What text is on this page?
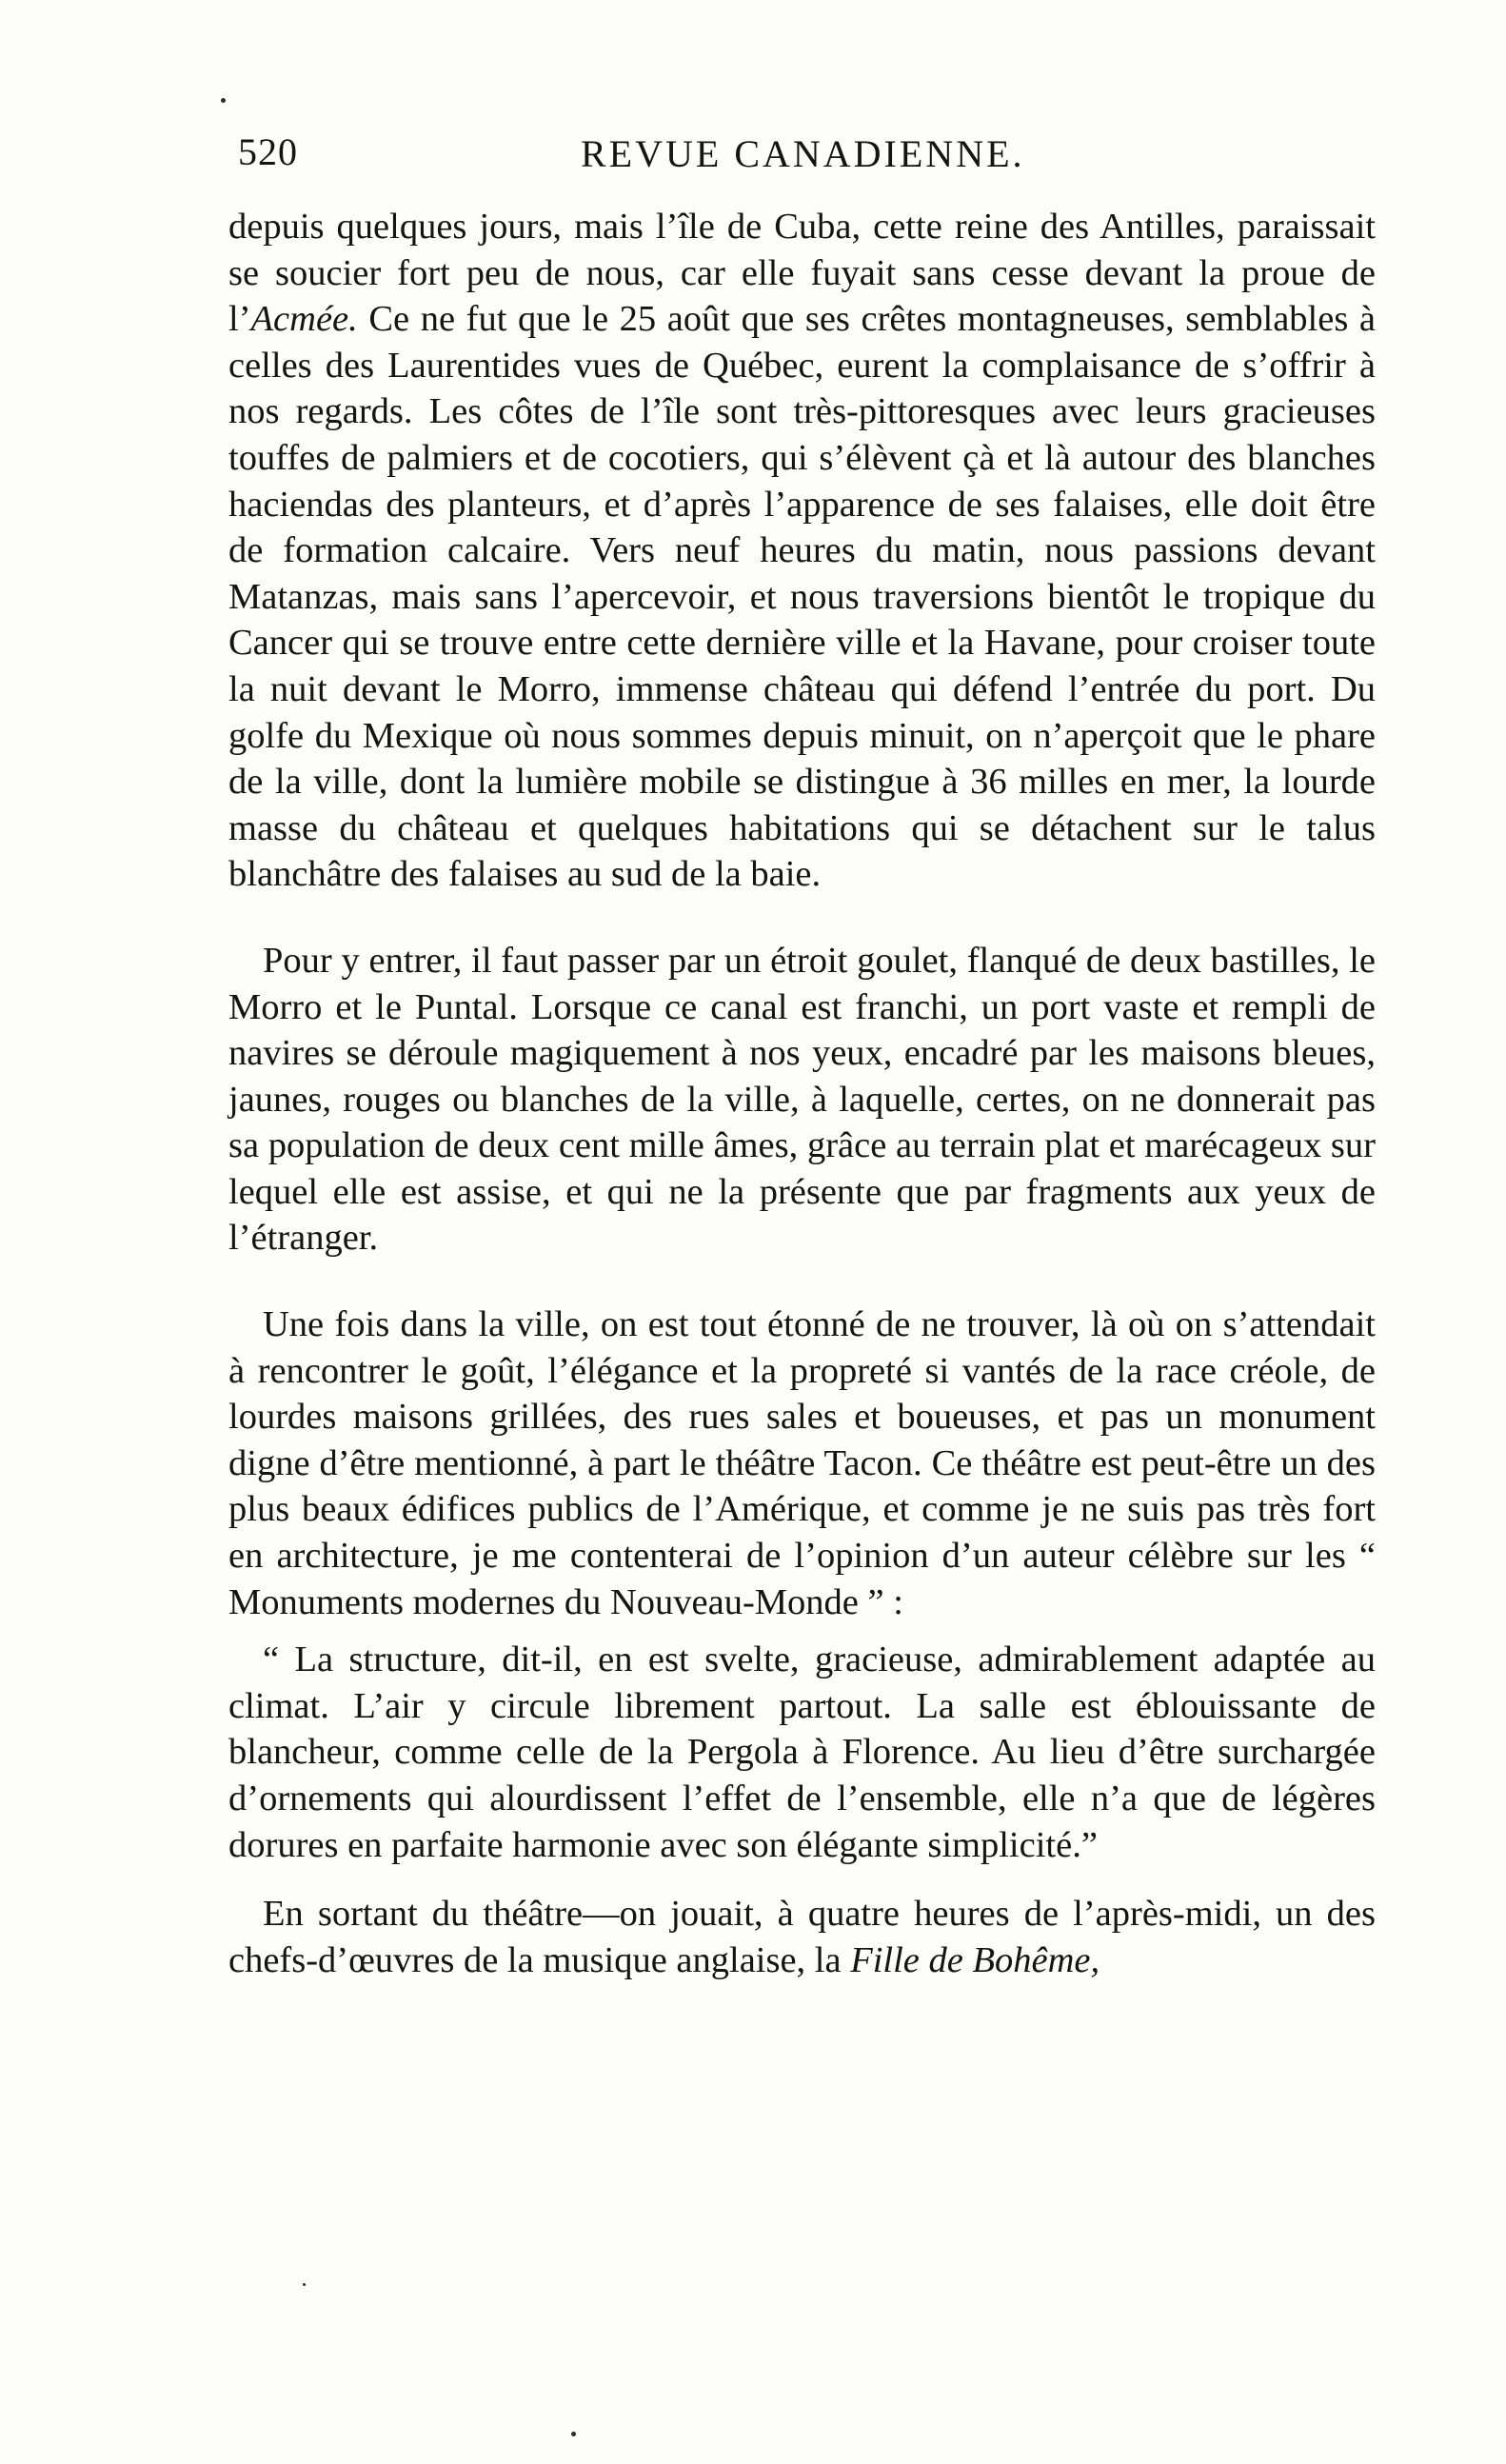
520	REVUE CANADIENNE.

depuis quelques jours, mais l’île de Cuba, cette reine des Antilles, paraissait se soucier fort peu de nous, car elle fuyait sans cesse devant la proue de l’Acmée. Ce ne fut que le 25 août que ses crêtes montagneuses, semblables à celles des Laurentides vues de Québec, eurent la complaisance de s’offrir à nos regards. Les côtes de l’île sont très-pittoresques avec leurs gracieuses touffes de palmiers et de cocotiers, qui s’élèvent çà et là autour des blanches haciendas des planteurs, et d’après l’apparence de ses falaises, elle doit être de formation calcaire. Vers neuf heures du matin, nous passions devant Matanzas, mais sans l’apercevoir, et nous traversions bientôt le tropique du Cancer qui se trouve entre cette dernière ville et la Havane, pour croiser toute la nuit devant le Morro, immense château qui défend l’entrée du port. Du golfe du Mexique où nous sommes depuis minuit, on n’aperçoit que le phare de la ville, dont la lumière mobile se distingue à 36 milles en mer, la lourde masse du château et quelques habitations qui se détachent sur le talus blanchâtre des falaises au sud de la baie.

Pour y entrer, il faut passer par un étroit goulet, flanqué de deux bastilles, le Morro et le Puntal. Lorsque ce canal est franchi, un port vaste et rempli de navires se déroule magiquement à nos yeux, encadré par les maisons bleues, jaunes, rouges ou blanches de la ville, à laquelle, certes, on ne donnerait pas sa population de deux cent mille âmes, grâce au terrain plat et marécageux sur lequel elle est assise, et qui ne la présente que par fragments aux yeux de l’étranger.

Une fois dans la ville, on est tout étonné de ne trouver, là où on s’attendait à rencontrer le goût, l’élégance et la propreté si vantés de la race créole, de lourdes maisons grillées, des rues sales et boueuses, et pas un monument digne d’être mentionné, à part le théâtre Tacon. Ce théâtre est peut-être un des plus beaux édifices publics de l’Amérique, et comme je ne suis pas très fort en architecture, je me contenterai de l’opinion d’un auteur célèbre sur les “ Monuments modernes du Nouveau-Monde ” :

“ La structure, dit-il, en est svelte, gracieuse, admirablement adaptée au climat. L’air y circule librement partout. La salle est éblouissante de blancheur, comme celle de la Pergola à Florence. Au lieu d’être surchargée d’ornements qui alourdissent l’effet de l’ensemble, elle n’a que de légères dorures en parfaite harmonie avec son élégante simplicité.”

En sortant du théâtre—on jouait, à quatre heures de l’après-midi, un des chefs-d’œuvres de la musique anglaise, la Fille de Bohême,
